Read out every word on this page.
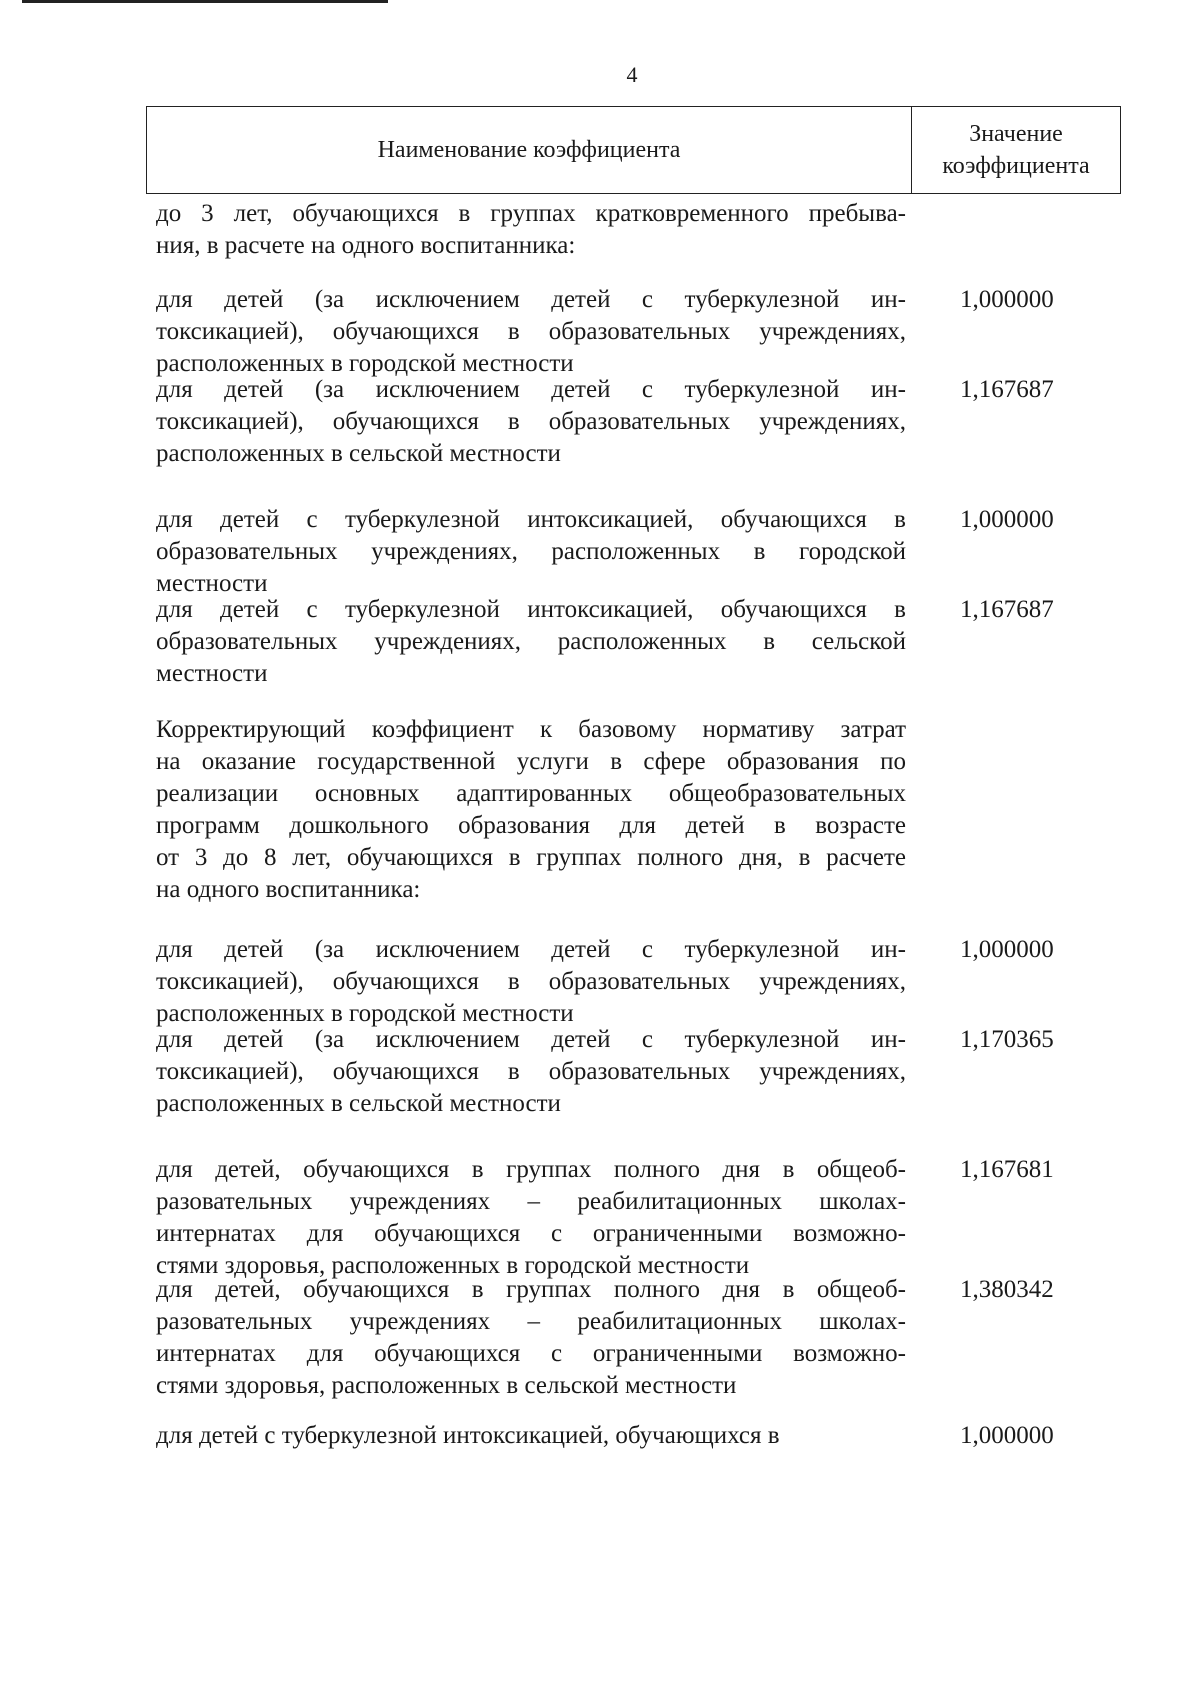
4
Наименование коэффициента
Значение
коэффициента
до 3 лет, обучающихся в группах кратковременного пребыва-
ния, в расчете на одного воспитанника:
для детей (за исключением детей с туберкулезной ин-
токсикацией), обучающихся в образовательных учреждениях,
расположенных в городской местности
1,000000
для детей (за исключением детей с туберкулезной ин-
токсикацией), обучающихся в образовательных учреждениях,
расположенных в сельской местности
1,167687
для детей с туберкулезной интоксикацией, обучающихся в
образовательных учреждениях, расположенных в городской
местности
1,000000
для детей с туберкулезной интоксикацией, обучающихся в
образовательных учреждениях, расположенных в сельской
местности
1,167687
Корректирующий коэффициент к базовому нормативу затрат
на оказание государственной услуги в сфере образования по
реализации основных адаптированных общеобразовательных
программ дошкольного образования для детей в возрасте
от 3 до 8 лет, обучающихся в группах полного дня, в расчете
на одного воспитанника:
для детей (за исключением детей с туберкулезной ин-
токсикацией), обучающихся в образовательных учреждениях,
расположенных в городской местности
1,000000
для детей (за исключением детей с туберкулезной ин-
токсикацией), обучающихся в образовательных учреждениях,
расположенных в сельской местности
1,170365
для детей, обучающихся в группах полного дня в общеоб-
разовательных учреждениях – реабилитационных школах-
интернатах для обучающихся с ограниченными возможно-
стями здоровья, расположенных в городской местности
1,167681
для детей, обучающихся в группах полного дня в общеоб-
разовательных учреждениях – реабилитационных школах-
интернатах для обучающихся с ограниченными возможно-
стями здоровья, расположенных в сельской местности
1,380342
для детей с туберкулезной интоксикацией, обучающихся в	1,000000
